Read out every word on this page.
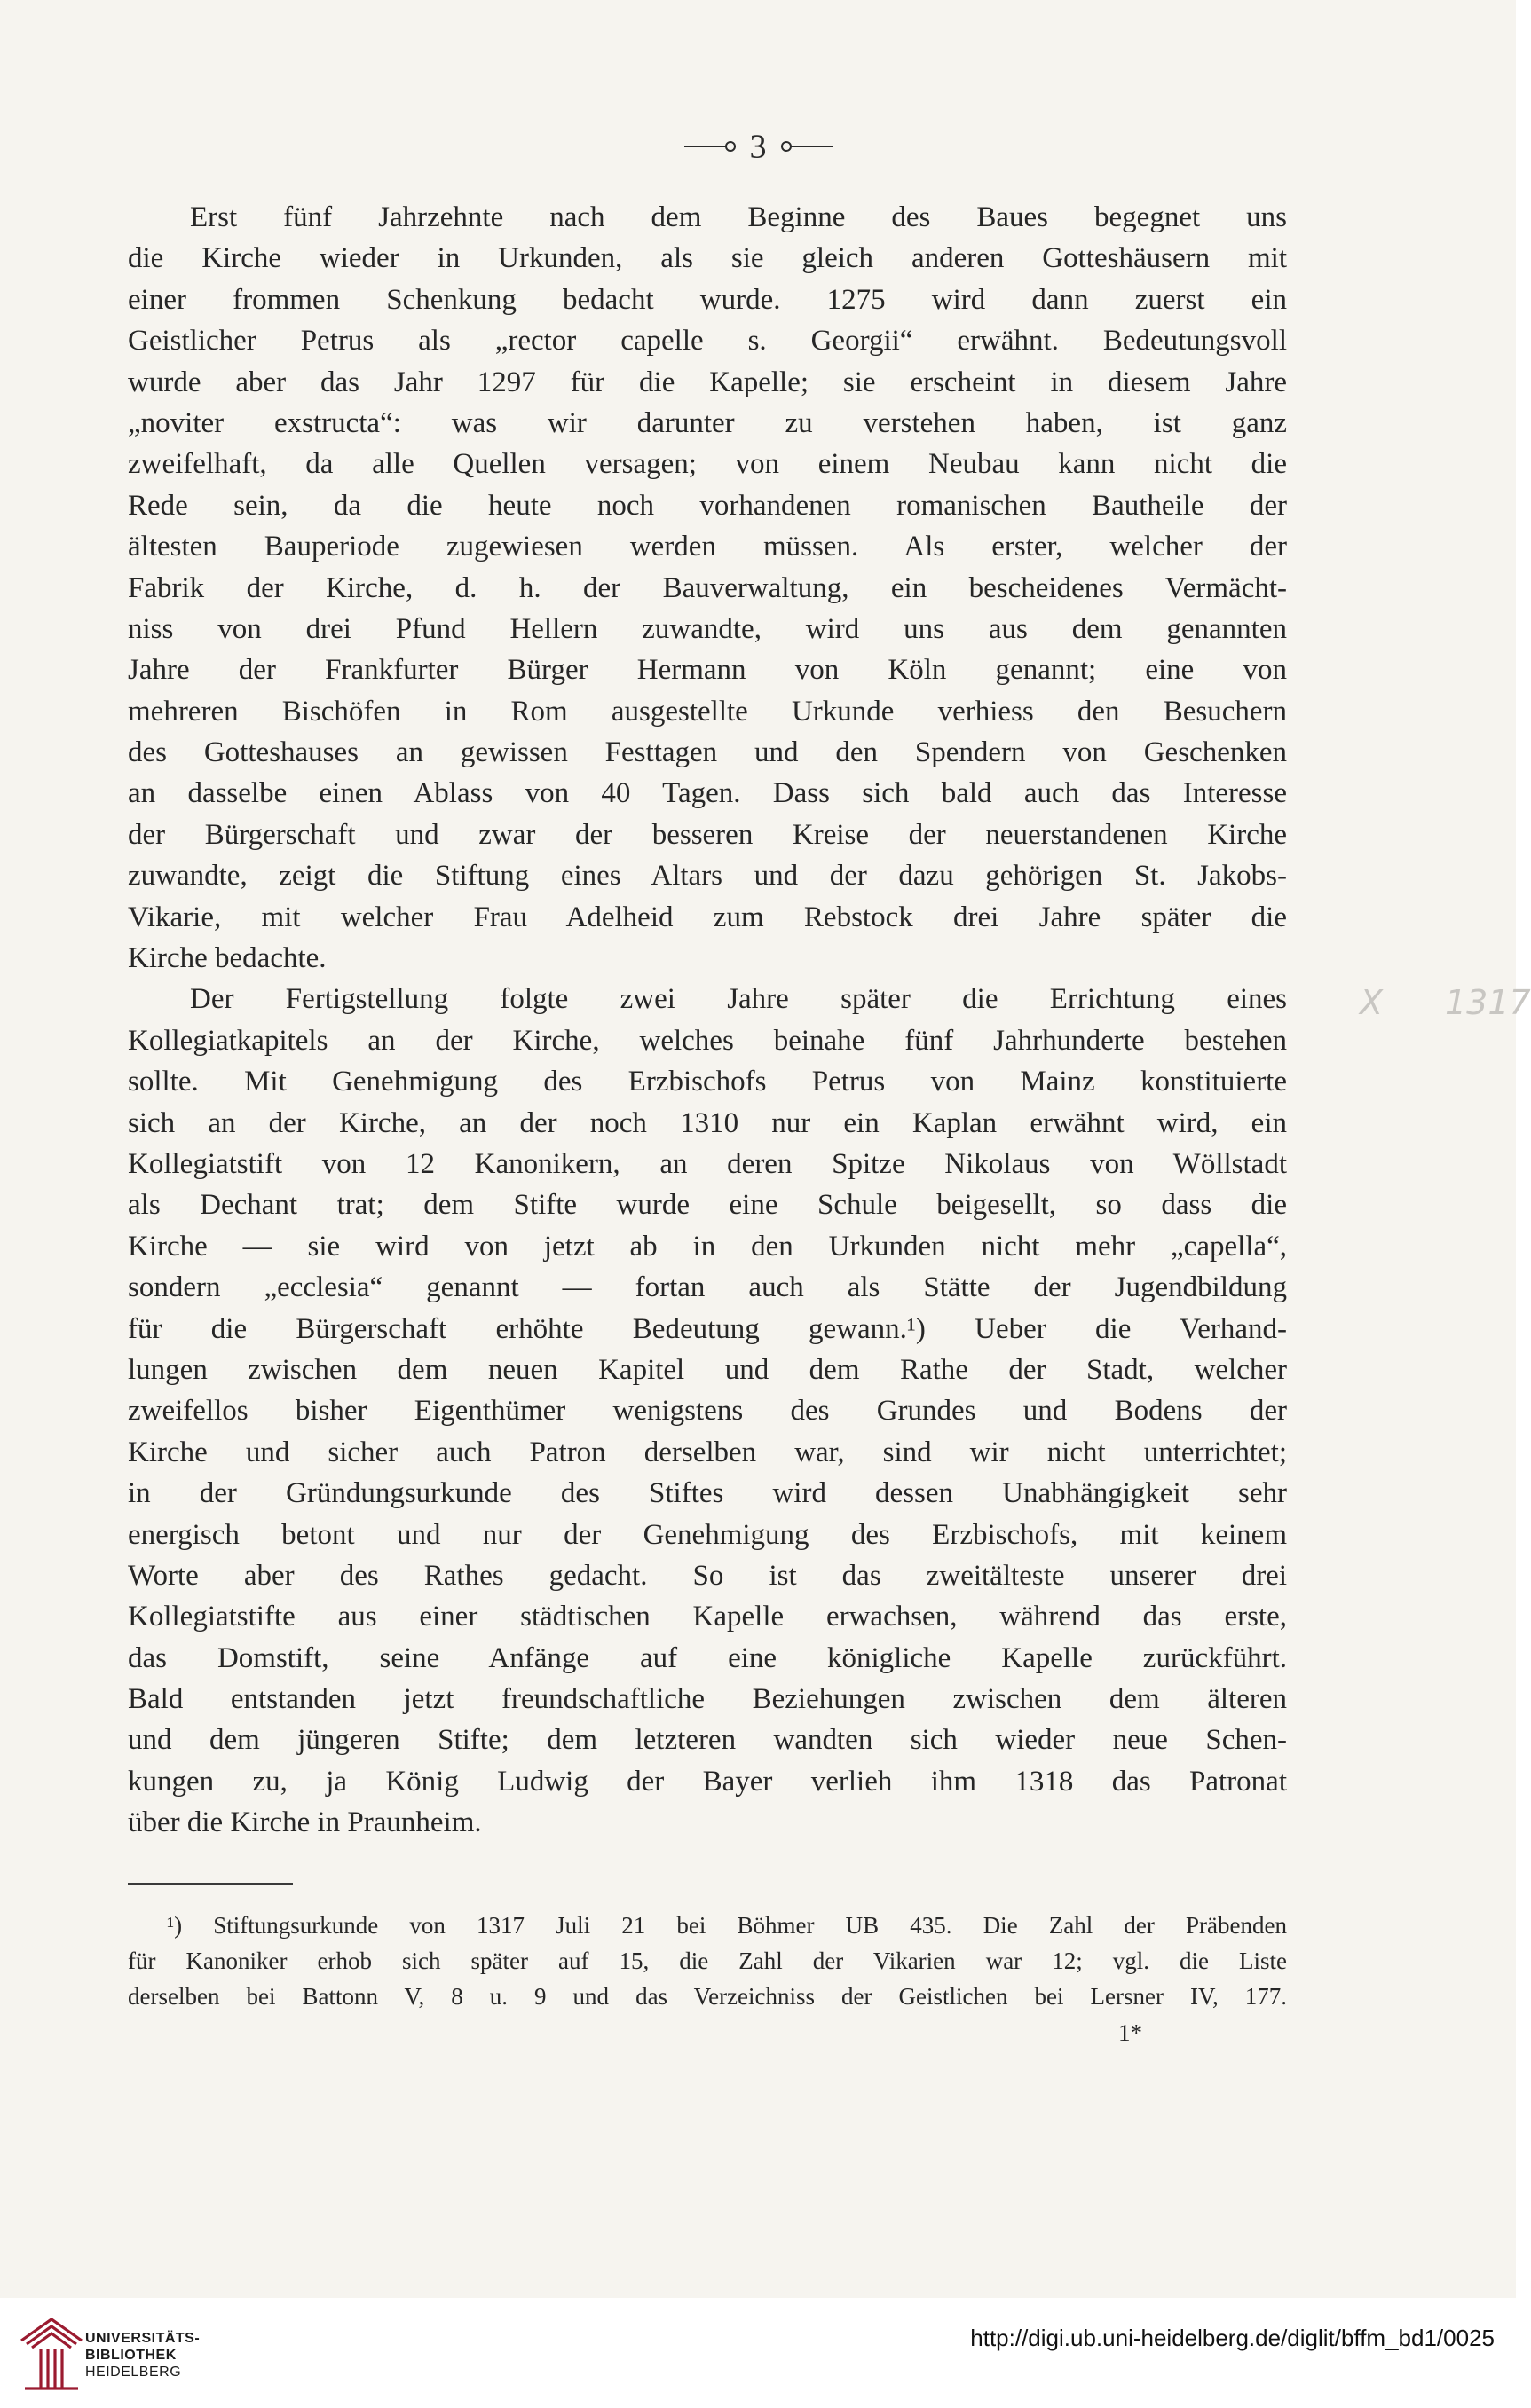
3
Erst fünf Jahrzehnte nach dem Beginne des Baues begegnet uns
die Kirche wieder in Urkunden, als sie gleich anderen Gotteshäusern mit
einer frommen Schenkung bedacht wurde. 1275 wird dann zuerst ein
Geistlicher Petrus als „rector capelle s. Georgii“ erwähnt. Bedeutungsvoll
wurde aber das Jahr 1297 für die Kapelle; sie erscheint in diesem Jahre
„noviter exstructa“: was wir darunter zu verstehen haben, ist ganz
zweifelhaft, da alle Quellen versagen; von einem Neubau kann nicht die
Rede sein, da die heute noch vorhandenen romanischen Bautheile der
ältesten Bauperiode zugewiesen werden müssen. Als erster, welcher der
Fabrik der Kirche, d. h. der Bauverwaltung, ein bescheidenes Vermächt-
niss von drei Pfund Hellern zuwandte, wird uns aus dem genannten
Jahre der Frankfurter Bürger Hermann von Köln genannt; eine von
mehreren Bischöfen in Rom ausgestellte Urkunde verhiess den Besuchern
des Gotteshauses an gewissen Festtagen und den Spendern von Geschenken
an dasselbe einen Ablass von 40 Tagen. Dass sich bald auch das Interesse
der Bürgerschaft und zwar der besseren Kreise der neuerstandenen Kirche
zuwandte, zeigt die Stiftung eines Altars und der dazu gehörigen St. Jakobs-
Vikarie, mit welcher Frau Adelheid zum Rebstock drei Jahre später die
Kirche bedachte.
Der Fertigstellung folgte zwei Jahre später die Errichtung eines
Kollegiatkapitels an der Kirche, welches beinahe fünf Jahrhunderte bestehen
sollte. Mit Genehmigung des Erzbischofs Petrus von Mainz konstituierte
sich an der Kirche, an der noch 1310 nur ein Kaplan erwähnt wird, ein
Kollegiatstift von 12 Kanonikern, an deren Spitze Nikolaus von Wöllstadt
als Dechant trat; dem Stifte wurde eine Schule beigesellt, so dass die
Kirche — sie wird von jetzt ab in den Urkunden nicht mehr „capella“,
sondern „ecclesia“ genannt — fortan auch als Stätte der Jugendbildung
für die Bürgerschaft erhöhte Bedeutung gewann.¹) Ueber die Verhand-
lungen zwischen dem neuen Kapitel und dem Rathe der Stadt, welcher
zweifellos bisher Eigenthümer wenigstens des Grundes und Bodens der
Kirche und sicher auch Patron derselben war, sind wir nicht unterrichtet;
in der Gründungsurkunde des Stiftes wird dessen Unabhängigkeit sehr
energisch betont und nur der Genehmigung des Erzbischofs, mit keinem
Worte aber des Rathes gedacht. So ist das zweitälteste unserer drei
Kollegiatstifte aus einer städtischen Kapelle erwachsen, während das erste,
das Domstift, seine Anfänge auf eine königliche Kapelle zurückführt.
Bald entstanden jetzt freundschaftliche Beziehungen zwischen dem älteren
und dem jüngeren Stifte; dem letzteren wandten sich wieder neue Schen-
kungen zu, ja König Ludwig der Bayer verlieh ihm 1318 das Patronat
über die Kirche in Praunheim.
X 1317
¹) Stiftungsurkunde von 1317 Juli 21 bei Böhmer UB 435. Die Zahl der Präbenden
für Kanoniker erhob sich später auf 15, die Zahl der Vikarien war 12; vgl. die Liste
derselben bei Battonn V, 8 u. 9 und das Verzeichniss der Geistlichen bei Lersner IV, 177.
1*
UNIVERSITÄTS-
BIBLIOTHEK
HEIDELBERG
http://digi.ub.uni-heidelberg.de/diglit/bffm_bd1/0025
